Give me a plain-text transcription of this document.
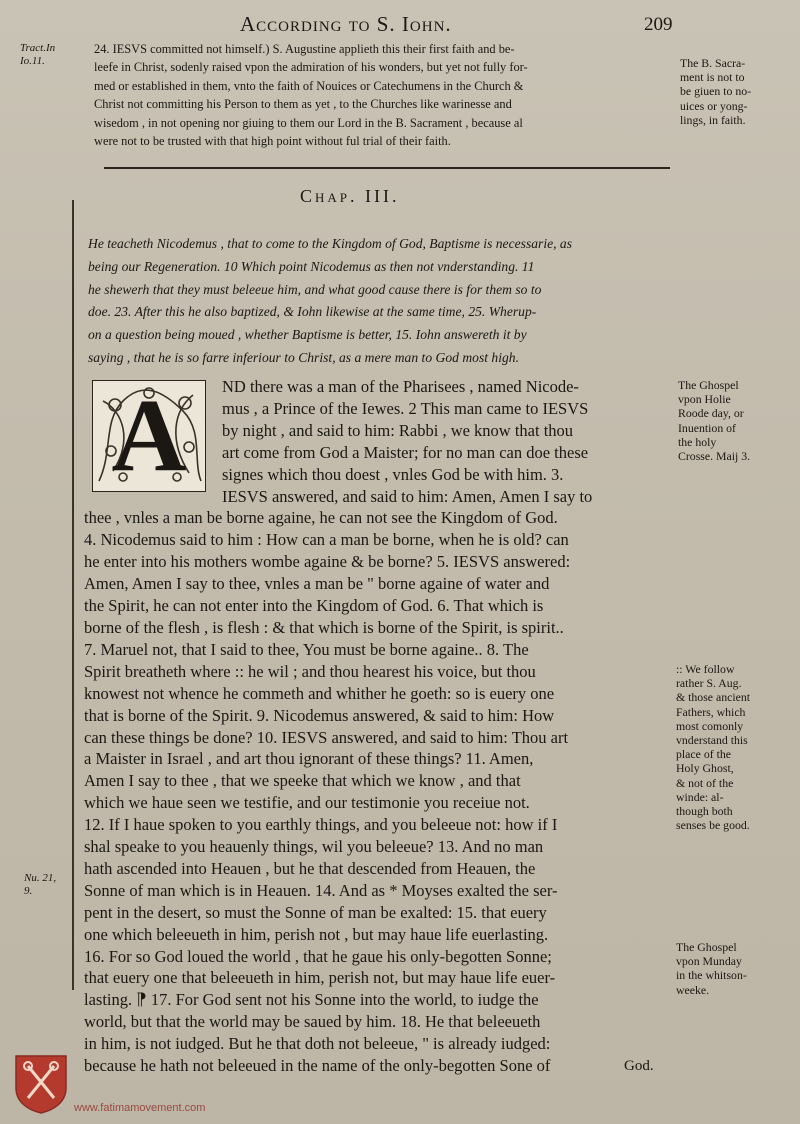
According to S. Iohn.	209
Tract.In
Io.11.
24. IESVS committed not himself.) S. Augustine applieth this their first faith and be-
leefe in Christ, sodenly raised vpon the admiration of his wonders, but yet not fully for-
med or established in them, vnto the faith of Nouices or Catechumens in the Church &
Christ not committing his Person to them as yet , to the Churches like warinesse and
wisedom , in not opening nor giuing to them our Lord in the B. Sacrament , because al
were not to be trusted with that high point without ful trial of their faith.
The B. Sacra-
ment is not to
be giuen to no-
uices or yong-
lings, in faith.
Chap. III.
He teacheth Nicodemus , that to come to the Kingdom of God, Baptisme is necessarie, as
being our Regeneration. 10 Which point Nicodemus as then not vnderstanding. 11
he shewerh that they must beleeue him, and what good cause there is for them so to
doe. 23. After this he also baptized, & Iohn likewise at the same time, 25. Wherup-
on a question being moued , whether Baptisme is better, 15. Iohn answereth it by
saying , that he is so farre inferiour to Christ, as a mere man to God most high.
A	ND there was a man of the Pharisees , named Nicode-
mus , a Prince of the Iewes. 2 This man came to IESVS
by night , and said to him: Rabbi , we know that thou
art come from God a Maister; for no man can doe these
signes which thou doest , vnles God be with him. 3.
IESVS answered, and said to him: Amen, Amen I say to
thee , vnles a man be borne againe, he can not see the Kingdom of God.
4. Nicodemus said to him : How can a man be borne, when he is old? can
he enter into his mothers wombe againe & be borne? 5. IESVS answered:
Amen, Amen I say to thee, vnles a man be " borne againe of water and
the Spirit, he can not enter into the Kingdom of God. 6. That which is
borne of the flesh , is flesh : & that which is borne of the Spirit, is spirit..
7. Maruel not, that I said to thee, You must be borne againe.. 8. The
Spirit breatheth where :: he wil ; and thou hearest his voice, but thou
knowest not whence he commeth and whither he goeth: so is euery one
that is borne of the Spirit. 9. Nicodemus answered, & said to him: How
can these things be done? 10. IESVS answered, and said to him: Thou art
a Maister in Israel , and art thou ignorant of these things? 11. Amen,
Amen I say to thee , that we speeke that which we know , and that
which we haue seen we testifie, and our testimonie you receiue not.
12. If I haue spoken to you earthly things, and you beleeue not: how if I
shal speake to you heauenly things, wil you beleeue? 13. And no man
hath ascended into Heauen , but he that descended from Heauen, the
Sonne of man which is in Heauen. 14. And as * Moyses exalted the ser-
pent in the desert, so must the Sonne of man be exalted: 15. that euery
one which beleeueth in him, perish not , but may haue life euerlasting.
16. For so God loued the world , that he gaue his only-begotten Sonne;
that euery one that beleeueth in him, perish not, but may haue life euer-
lasting. ⁋ 17. For God sent not his Sonne into the world, to iudge the
world, but that the world may be saued by him. 18. He that beleeueth
in him, is not iudged. But he that doth not beleeue, " is already iudged:
because he hath not beleeued in the name of the only-begotten Sone of	God.
The Ghospel
vpon Holie
Roode day, or
Inuention of
the holy
Crosse. Maij 3.
:: We follow
rather S. Aug.
& those ancient
Fathers, which
most comonly
vnderstand this
place of the
Holy Ghost,
& not of the
winde: al-
though both
senses be good.
The Ghospel
vpon Munday
in the whitson-
weeke.
Nu. 21,
9.
www.fatimamovement.com
